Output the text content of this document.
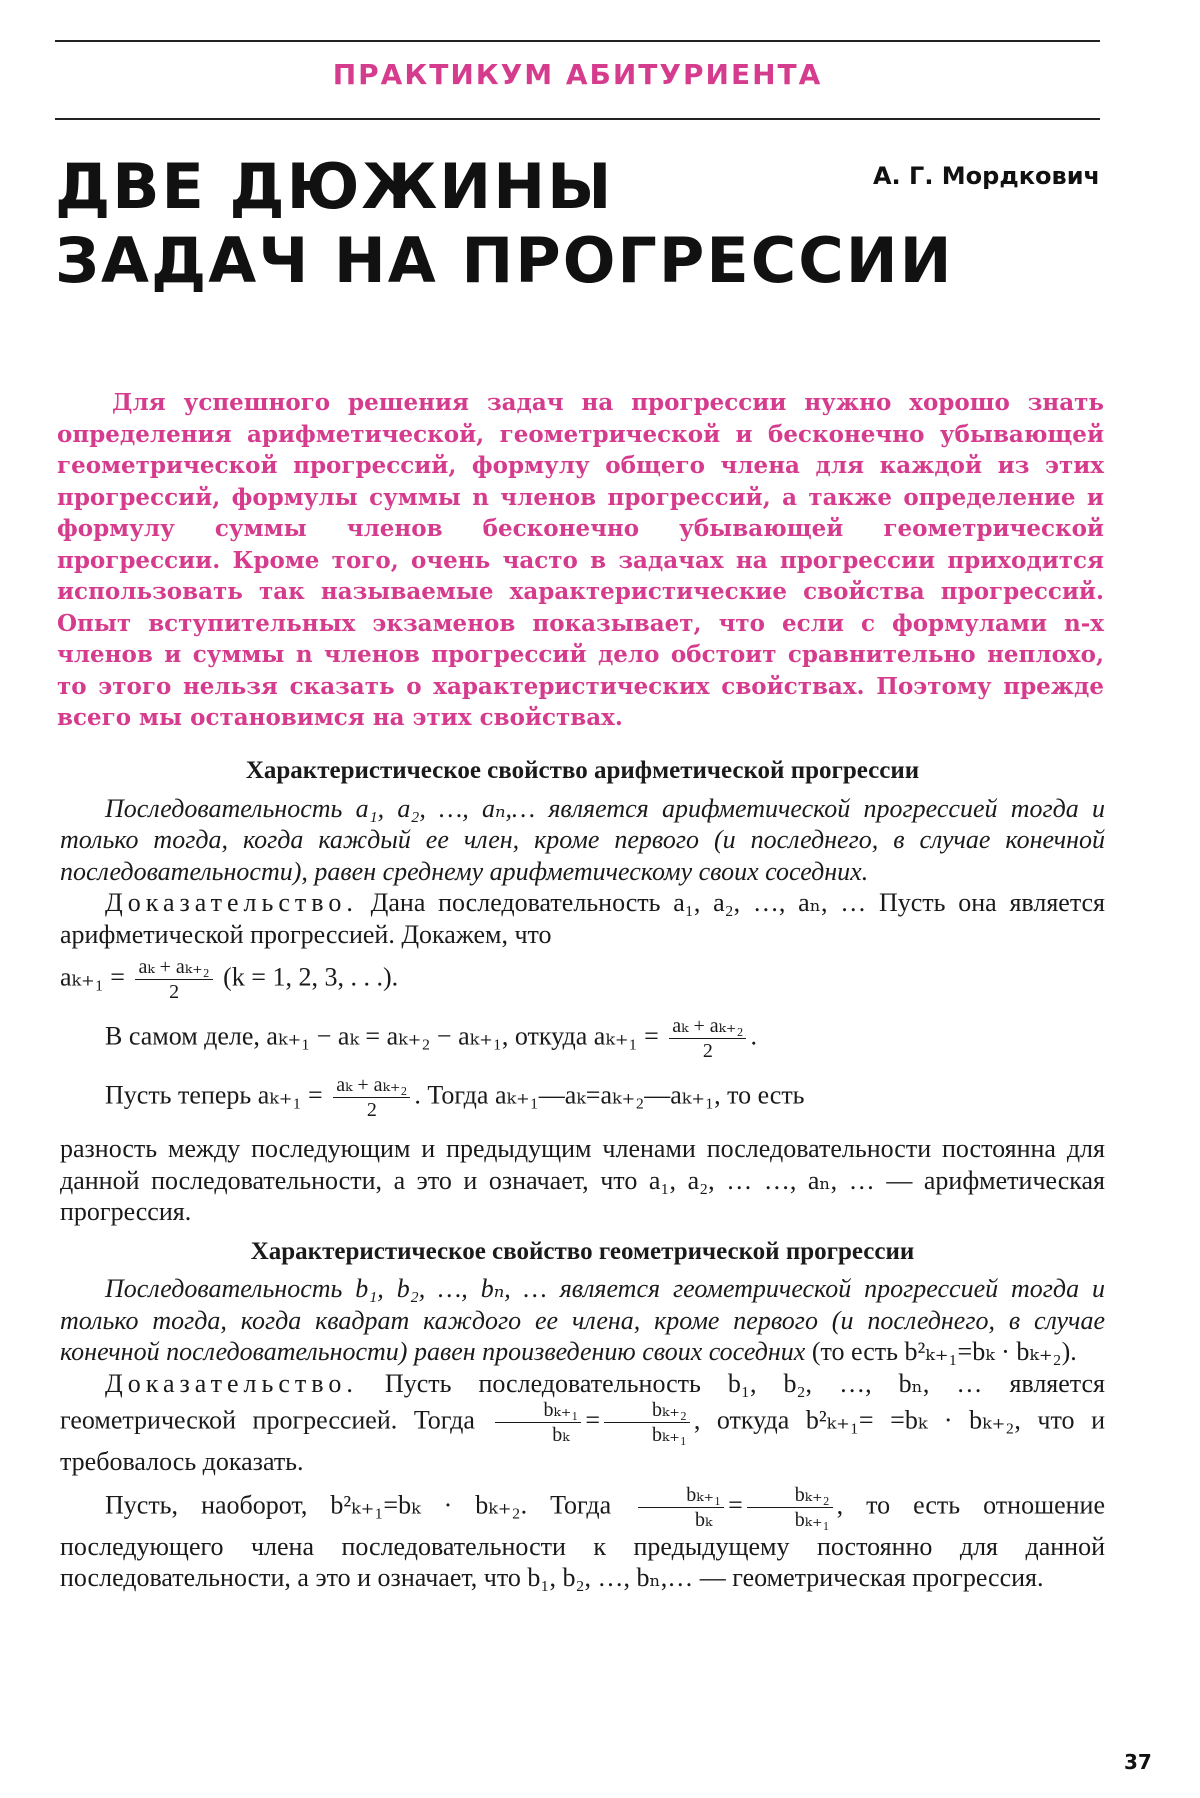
ПРАКТИКУМ АБИТУРИЕНТА
ДВЕ ДЮЖИНЫ
ЗАДАЧ НА ПРОГРЕССИИ
А. Г. Мордкович

Для успешного решения задач на прогрессии нужно хорошо знать определения арифметической, геометрической и бесконечно убывающей геометрической прогрессий, формулу общего члена для каждой из этих прогрессий, формулы суммы n членов прогрессий, а также определение и формулу суммы членов бесконечно убывающей геометрической прогрессии. Кроме того, очень часто в задачах на прогрессии приходится использовать так называемые характеристические свойства прогрессий. Опыт вступительных экзаменов показывает, что если с формулами n-х членов и суммы n членов прогрессий дело обстоит сравнительно неплохо, то этого нельзя сказать о характеристических свойствах. Поэтому прежде всего мы остановимся на этих свойствах.

Характеристическое свойство арифметической прогрессии

Последовательность a₁, a₂, …, aₙ,… является арифметической прогрессией тогда и только тогда, когда каждый ее член, кроме первого (и последнего, в случае конечной последовательности), равен среднему арифметическому своих соседних.

Доказательство. Дана последовательность a₁, a₂, …, aₙ, … Пусть она является арифметической прогрессией. Докажем, что

$a_{k+1} = \frac{\text{aₖ + aₖ₊₂}}{2} (k = 1$, 2, 3, . . .).

В самом деле, aₖ₊₁ − aₖ = aₖ₊₂ − aₖ₊₁, откуда $a_{k+1} = \frac{\text{aₖ + aₖ₊₂}}{2}$ .

Пусть теперь $a_{k+1} = \frac{\text{aₖ + aₖ₊₂}}{2}$ . Тогда aₖ₊₁—aₖ=aₖ₊₂—aₖ₊₁, то есть

разность между последующим и предыдущим членами последовательности постоянна для данной последовательности, а это и означает, что a₁, a₂, … …, aₙ, … — арифметическая прогрессия.

Характеристическое свойство геометрической прогрессии

Последовательность b₁, b₂, …, bₙ, … является геометрической прогрессией тогда и только тогда, когда квадрат каждого ее члена, кроме первого (и последнего, в случае конечной последовательности) равен произведению своих соседних (то есть b²ₖ₊₁=bₖ · bₖ₊₂).

Доказательство. Пусть последовательность b₁, b₂, …, bₙ, … является геометрической прогрессией. Тогда $\frac{\text{bₖ₊₁}}{\text{bₖ}} = \frac{\text{bₖ₊₂}}{\text{bₖ₊₁}}$ , откуда b²ₖ₊₁= =bₖ · bₖ₊₂, что и требовалось доказать.

Пусть, наоборот, b²ₖ₊₁=bₖ · bₖ₊₂. Тогда $\frac{\text{bₖ₊₁}}{\text{bₖ}} = \frac{\text{bₖ₊₂}}{\text{bₖ₊₁}}$ , то есть отношение последующего члена последовательности к предыдущему постоянно для данной последовательности, а это и означает, что b₁, b₂, …, bₙ,… — геометрическая прогрессия.

37
